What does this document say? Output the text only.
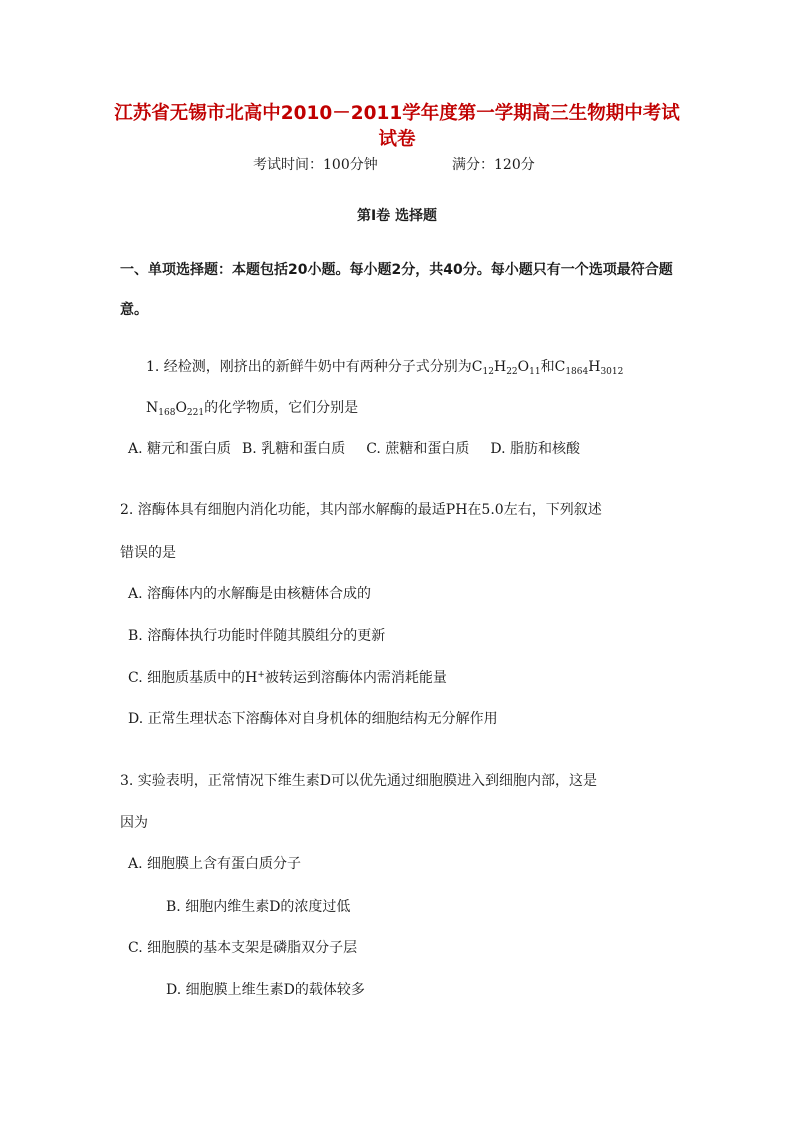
江苏省无锡市北高中2010－2011学年度第一学期高三生物期中考试试卷
考试时间：100分钟	满分：120分
第Ⅰ卷 选择题
一、单项选择题：本题包括20小题。每小题2分，共40分。每小题只有一个选项最符合题意。
1. 经检测，刚挤出的新鲜牛奶中有两种分子式分别为$C_{12}H_{22}O_{11}$和$C_{1864}H_{3012}$
$N_{168}O_{221}$的化学物质，它们分别是
A. 糖元和蛋白质 B. 乳糖和蛋白质 C. 蔗糖和蛋白质 D. 脂肪和核酸
2. 溶酶体具有细胞内消化功能，其内部水解酶的最适PH在5.0左右，下列叙述
错误的是
A. 溶酶体内的水解酶是由核糖体合成的
B. 溶酶体执行功能时伴随其膜组分的更新
C. 细胞质基质中的H+被转运到溶酶体内需消耗能量
D. 正常生理状态下溶酶体对自身机体的细胞结构无分解作用
3. 实验表明，正常情况下维生素D可以优先通过细胞膜进入到细胞内部，这是
因为
A. 细胞膜上含有蛋白质分子
B. 细胞内维生素D的浓度过低
C. 细胞膜的基本支架是磷脂双分子层
D. 细胞膜上维生素D的载体较多
